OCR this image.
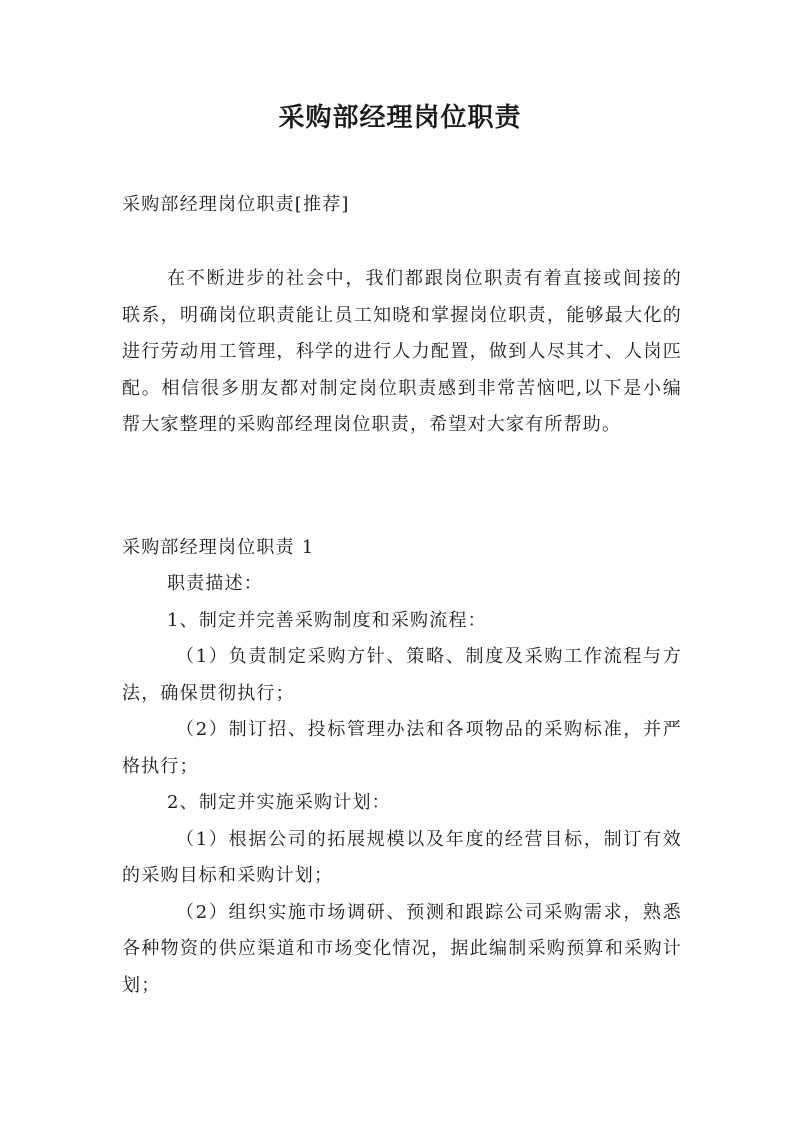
采购部经理岗位职责

采购部经理岗位职责[推荐]

在不断进步的社会中，我们都跟岗位职责有着直接或间接的联系，明确岗位职责能让员工知晓和掌握岗位职责，能够最大化的进行劳动用工管理，科学的进行人力配置，做到人尽其才、人岗匹配。相信很多朋友都对制定岗位职责感到非常苦恼吧,以下是小编帮大家整理的采购部经理岗位职责，希望对大家有所帮助。

采购部经理岗位职责 1

职责描述：
1、制定并完善采购制度和采购流程：
（1）负责制定采购方针、策略、制度及采购工作流程与方法，确保贯彻执行；
（2）制订招、投标管理办法和各项物品的采购标准，并严格执行；
2、制定并实施采购计划：
（1）根据公司的拓展规模以及年度的经营目标，制订有效的采购目标和采购计划；
（2）组织实施市场调研、预测和跟踪公司采购需求，熟悉各种物资的供应渠道和市场变化情况，据此编制采购预算和采购计划；
